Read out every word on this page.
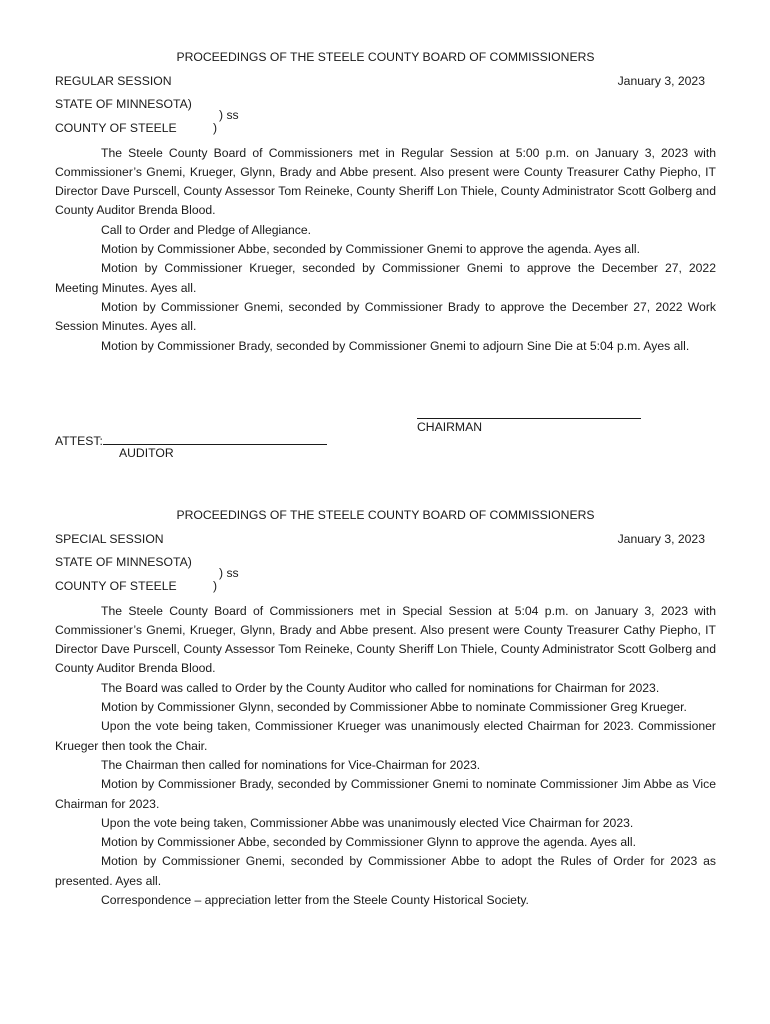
PROCEEDINGS OF THE STEELE COUNTY BOARD OF COMMISSIONERS
REGULAR SESSION	January 3, 2023
STATE OF MINNESOTA)
) ss
COUNTY OF STEELE	)

The Steele County Board of Commissioners met in Regular Session at 5:00 p.m. on January 3, 2023 with Commissioner’s Gnemi, Krueger, Glynn, Brady and Abbe present. Also present were County Treasurer Cathy Piepho, IT Director Dave Purscell, County Assessor Tom Reineke, County Sheriff Lon Thiele, County Administrator Scott Golberg and County Auditor Brenda Blood.

Call to Order and Pledge of Allegiance.

Motion by Commissioner Abbe, seconded by Commissioner Gnemi to approve the agenda. Ayes all.

Motion by Commissioner Krueger, seconded by Commissioner Gnemi to approve the December 27, 2022 Meeting Minutes. Ayes all.

Motion by Commissioner Gnemi, seconded by Commissioner Brady to approve the December 27, 2022 Work Session Minutes. Ayes all.

Motion by Commissioner Brady, seconded by Commissioner Gnemi to adjourn Sine Die at 5:04 p.m. Ayes all.

CHAIRMAN
ATTEST:
AUDITOR
PROCEEDINGS OF THE STEELE COUNTY BOARD OF COMMISSIONERS
SPECIAL SESSION	January 3, 2023
STATE OF MINNESOTA)
) ss
COUNTY OF STEELE	)

The Steele County Board of Commissioners met in Special Session at 5:04 p.m. on January 3, 2023 with Commissioner’s Gnemi, Krueger, Glynn, Brady and Abbe present. Also present were County Treasurer Cathy Piepho, IT Director Dave Purscell, County Assessor Tom Reineke, County Sheriff Lon Thiele, County Administrator Scott Golberg and County Auditor Brenda Blood.

The Board was called to Order by the County Auditor who called for nominations for Chairman for 2023.

Motion by Commissioner Glynn, seconded by Commissioner Abbe to nominate Commissioner Greg Krueger.

Upon the vote being taken, Commissioner Krueger was unanimously elected Chairman for 2023. Commissioner Krueger then took the Chair.

The Chairman then called for nominations for Vice-Chairman for 2023.

Motion by Commissioner Brady, seconded by Commissioner Gnemi to nominate Commissioner Jim Abbe as Vice Chairman for 2023.

Upon the vote being taken, Commissioner Abbe was unanimously elected Vice Chairman for 2023.

Motion by Commissioner Abbe, seconded by Commissioner Glynn to approve the agenda. Ayes all.

Motion by Commissioner Gnemi, seconded by Commissioner Abbe to adopt the Rules of Order for 2023 as presented. Ayes all.

Correspondence – appreciation letter from the Steele County Historical Society.
